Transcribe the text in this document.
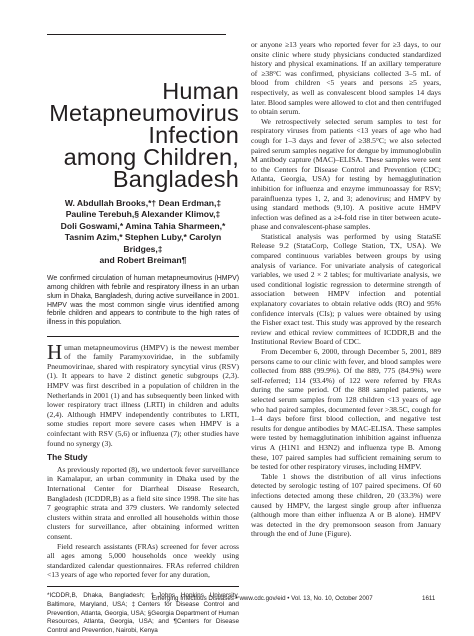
Human
Metapneumovirus
Infection
among Children,
Bangladesh
W. Abdullah Brooks,*† Dean Erdman,‡
Pauline Terebuh,§ Alexander Klimov,‡
Doli Goswami,* Amina Tahia Sharmeen,*
Tasnim Azim,* Stephen Luby,* Carolyn Bridges,‡
and Robert Breiman¶

We confirmed circulation of human metapneumovirus (HMPV) among children with febrile and respiratory illness in an urban slum in Dhaka, Bangladesh, during active surveillance in 2001. HMPV was the most common single virus identified among febrile children and appears to contribute to the high rates of illness in this population.

Human metapneumovirus (HMPV) is the newest member of the family Paramyxoviridae, in the subfamily Pneumovirinae, shared with respiratory syncytial virus (RSV) (1). It appears to have 2 distinct genetic subgroups (2,3). HMPV was first described in a population of children in the Netherlands in 2001 (1) and has subsequently been linked with lower respiratory tract illness (LRTI) in children and adults (2,4). Although HMPV independently contributes to LRTI, some studies report more severe cases when HMPV is a coinfectant with RSV (5,6) or influenza (7); other studies have found no synergy (3).

The Study

As previously reported (8), we undertook fever surveillance in Kamalapur, an urban community in Dhaka used by the International Center for Diarrheal Disease Research, Bangladesh (ICDDR,B) as a field site since 1998. The site has 7 geographic strata and 379 clusters. We randomly selected clusters within strata and enrolled all households within those clusters for surveillance, after obtaining informed written consent.

Field research assistants (FRAs) screened for fever across all ages among 5,000 households once weekly using standardized calendar questionnaires. FRAs referred children <13 years of age who reported fever for any duration,

*ICDDR,B, Dhaka, Bangladesh; †Johns Hopkins University, Baltimore, Maryland, USA; ‡Centers for Disease Control and Prevention, Atlanta, Georgia, USA; §Georgia Department of Human Resources, Atlanta, Georgia, USA; and ¶Centers for Disease Control and Prevention, Nairobi, Kenya

or anyone ≥13 years who reported fever for ≥3 days, to our onsite clinic where study physicians conducted standardized history and physical examinations. If an axillary temperature of ≥38°C was confirmed, physicians collected 3–5 mL of blood from children <5 years and persons ≥5 years, respectively, as well as convalescent blood samples 14 days later. Blood samples were allowed to clot and then centrifuged to obtain serum.

We retrospectively selected serum samples to test for respiratory viruses from patients <13 years of age who had cough for 1–3 days and fever of ≥38.5°C; we also selected paired serum samples negative for dengue by immunoglobulin M antibody capture (MAC)–ELISA. These samples were sent to the Centers for Disease Control and Prevention (CDC; Atlanta, Georgia, USA) for testing by hemagglutination inhibition for influenza and enzyme immunoassay for RSV; parainfluenza types 1, 2, and 3; adenovirus; and HMPV by using standard methods (9,10). A positive acute HMPV infection was defined as a ≥4-fold rise in titer between acute-phase and convalescent-phase samples.

Statistical analysis was performed by using StataSE Release 9.2 (StataCorp, College Station, TX, USA). We compared continuous variables between groups by using analysis of variance. For univariate analysis of categorical variables, we used 2 × 2 tables; for multivariate analysis, we used conditional logistic regression to determine strength of association between HMPV infection and potential explanatory covariates to obtain relative odds (RO) and 95% confidence intervals (CIs); p values were obtained by using the Fisher exact test. This study was approved by the research review and ethical review committees of ICDDR,B and the Institutional Review Board of CDC.

From December 6, 2000, through December 5, 2001, 889 persons came to our clinic with fever, and blood samples were collected from 888 (99.9%). Of the 889, 775 (84.9%) were self-referred; 114 (93.4%) of 122 were referred by FRAs during the same period. Of the 888 sampled patients, we selected serum samples from 128 children <13 years of age who had paired samples, documented fever >38.5C, cough for 1–4 days before first blood collection, and negative test results for dengue antibodies by MAC-ELISA. These samples were tested by hemagglutination inhibition against influenza virus A (H1N1 and H3N2) and influenza type B. Among these, 107 paired samples had sufficient remaining serum to be tested for other respiratory viruses, including HMPV.

Table 1 shows the distribution of all virus infections detected by serologic testing of 107 paired specimens. Of 60 infections detected among these children, 20 (33.3%) were caused by HMPV, the largest single group after influenza (although more than either influenza A or B alone). HMPV was detected in the dry premonsoon season from January through the end of June (Figure).

Emerging Infectious Diseases • www.cdc.gov/eid • Vol. 13, No. 10, October 2007	1611
